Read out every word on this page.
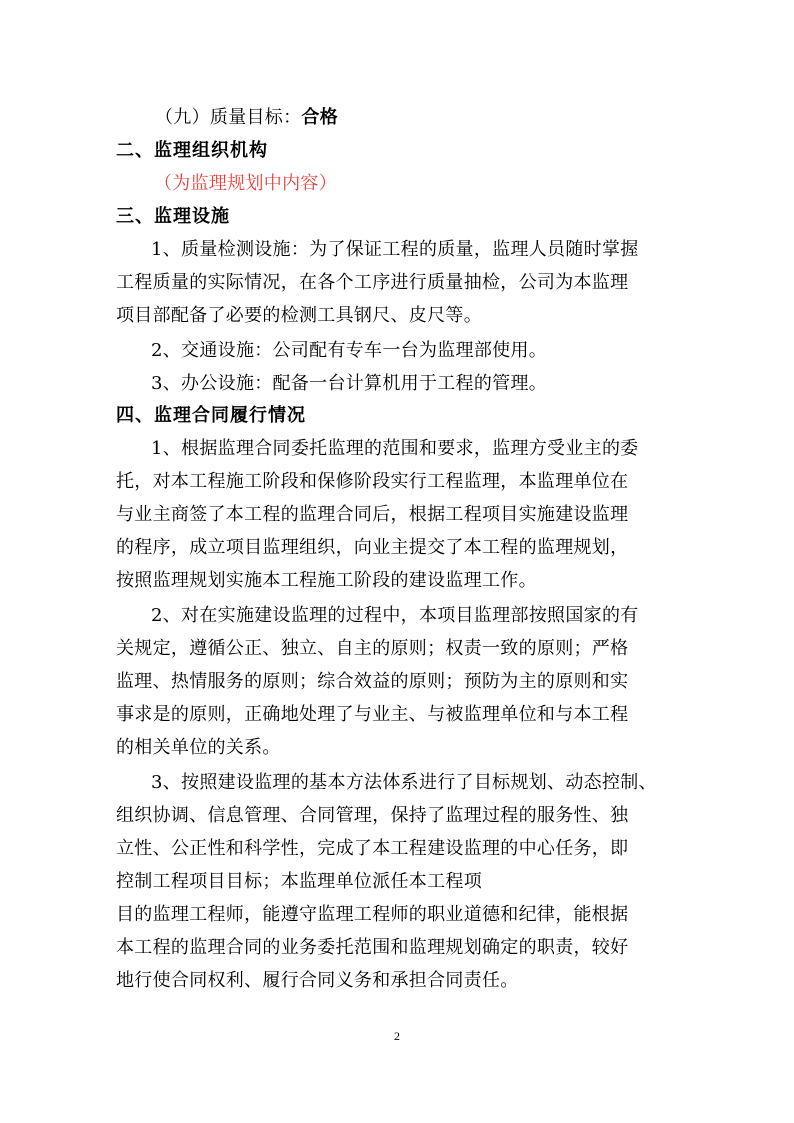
（九）质量目标：合格
二、监理组织机构
（为监理规划中内容）
三、监理设施
1、质量检测设施：为了保证工程的质量，监理人员随时掌握
工程质量的实际情况，在各个工序进行质量抽检，公司为本监理
项目部配备了必要的检测工具钢尺、皮尺等。
2、交通设施：公司配有专车一台为监理部使用。
3、办公设施：配备一台计算机用于工程的管理。
四、监理合同履行情况
1、根据监理合同委托监理的范围和要求，监理方受业主的委
托，对本工程施工阶段和保修阶段实行工程监理，本监理单位在
与业主商签了本工程的监理合同后，根据工程项目实施建设监理
的程序，成立项目监理组织，向业主提交了本工程的监理规划，
按照监理规划实施本工程施工阶段的建设监理工作。
2、对在实施建设监理的过程中，本项目监理部按照国家的有
关规定，遵循公正、独立、自主的原则；权责一致的原则；严格
监理、热情服务的原则；综合效益的原则；预防为主的原则和实
事求是的原则，正确地处理了与业主、与被监理单位和与本工程
的相关单位的关系。
3、按照建设监理的基本方法体系进行了目标规划、动态控制、
组织协调、信息管理、合同管理，保持了监理过程的服务性、独
立性、公正性和科学性，完成了本工程建设监理的中心任务，即
控制工程项目目标；本监理单位派任本工程项
目的监理工程师，能遵守监理工程师的职业道德和纪律，能根据
本工程的监理合同的业务委托范围和监理规划确定的职责，较好
地行使合同权利、履行合同义务和承担合同责任。
2
